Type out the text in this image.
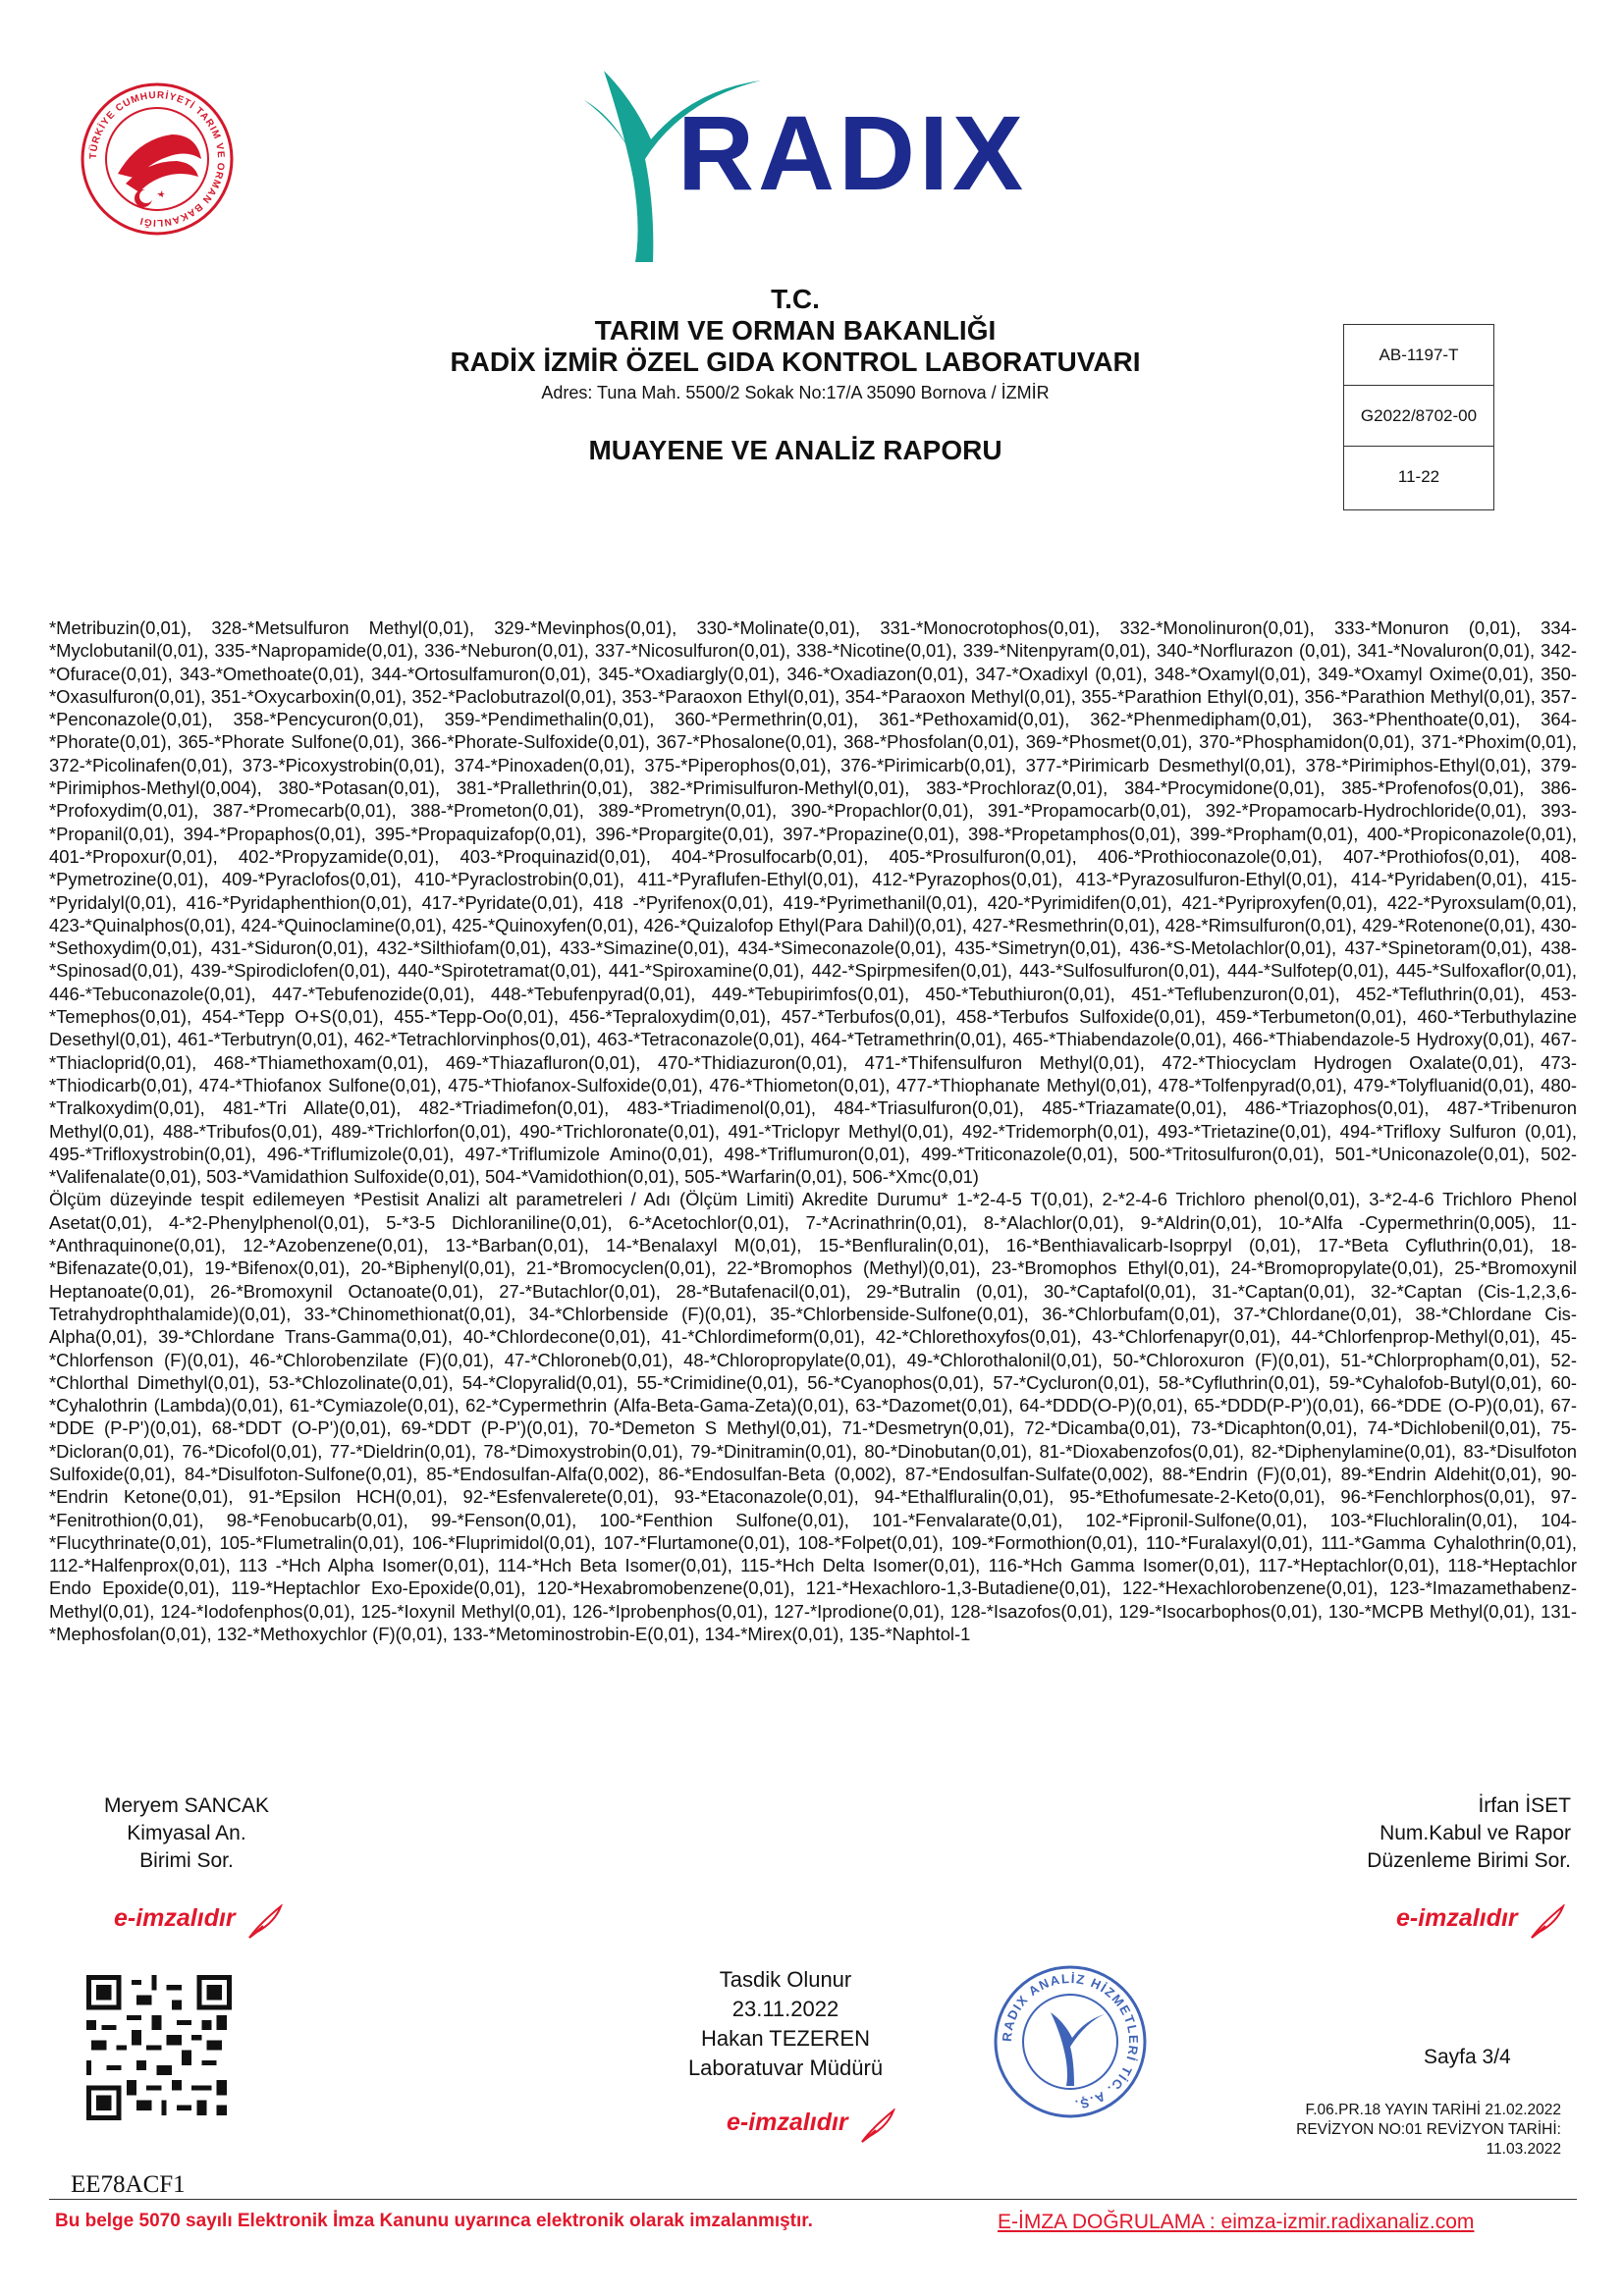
TÜRKİYE CUMHURİYETİ TARIM VE ORMAN BAKANLIĞI
RADIX
T.C.
TARIM VE ORMAN BAKANLIĞI
RADİX İZMİR ÖZEL GIDA KONTROL LABORATUVARI
Adres: Tuna Mah. 5500/2 Sokak No:17/A 35090 Bornova / İZMİR
MUAYENE VE ANALİZ RAPORU
AB-1197-T
G2022/8702-00
11-22

*Metribuzin(0,01), 328-*Metsulfuron Methyl(0,01), 329-*Mevinphos(0,01), 330-*Molinate(0,01), 331-*Monocrotophos(0,01), 332-*Monolinuron(0,01), 333-*Monuron (0,01), 334-*Myclobutanil(0,01), 335-*Napropamide(0,01), 336-*Neburon(0,01), 337-*Nicosulfuron(0,01), 338-*Nicotine(0,01), 339-*Nitenpyram(0,01), 340-*Norflurazon (0,01), 341-*Novaluron(0,01), 342-*Ofurace(0,01), 343-*Omethoate(0,01), 344-*Ortosulfamuron(0,01), 345-*Oxadiargly(0,01), 346-*Oxadiazon(0,01), 347-*Oxadixyl (0,01), 348-*Oxamyl(0,01), 349-*Oxamyl Oxime(0,01), 350-*Oxasulfuron(0,01), 351-*Oxycarboxin(0,01), 352-*Paclobutrazol(0,01), 353-*Paraoxon Ethyl(0,01), 354-*Paraoxon Methyl(0,01), 355-*Parathion Ethyl(0,01), 356-*Parathion Methyl(0,01), 357-*Penconazole(0,01), 358-*Pencycuron(0,01), 359-*Pendimethalin(0,01), 360-*Permethrin(0,01), 361-*Pethoxamid(0,01), 362-*Phenmedipham(0,01), 363-*Phenthoate(0,01), 364-*Phorate(0,01), 365-*Phorate Sulfone(0,01), 366-*Phorate-Sulfoxide(0,01), 367-*Phosalone(0,01), 368-*Phosfolan(0,01), 369-*Phosmet(0,01), 370-*Phosphamidon(0,01), 371-*Phoxim(0,01), 372-*Picolinafen(0,01), 373-*Picoxystrobin(0,01), 374-*Pinoxaden(0,01), 375-*Piperophos(0,01), 376-*Pirimicarb(0,01), 377-*Pirimicarb Desmethyl(0,01), 378-*Pirimiphos-Ethyl(0,01), 379-*Pirimiphos-Methyl(0,004), 380-*Potasan(0,01), 381-*Prallethrin(0,01), 382-*Primisulfuron-Methyl(0,01), 383-*Prochloraz(0,01), 384-*Procymidone(0,01), 385-*Profenofos(0,01), 386-*Profoxydim(0,01), 387-*Promecarb(0,01), 388-*Prometon(0,01), 389-*Prometryn(0,01), 390-*Propachlor(0,01), 391-*Propamocarb(0,01), 392-*Propamocarb-Hydrochloride(0,01), 393-*Propanil(0,01), 394-*Propaphos(0,01), 395-*Propaquizafop(0,01), 396-*Propargite(0,01), 397-*Propazine(0,01), 398-*Propetamphos(0,01), 399-*Propham(0,01), 400-*Propiconazole(0,01), 401-*Propoxur(0,01), 402-*Propyzamide(0,01), 403-*Proquinazid(0,01), 404-*Prosulfocarb(0,01), 405-*Prosulfuron(0,01), 406-*Prothioconazole(0,01), 407-*Prothiofos(0,01), 408-*Pymetrozine(0,01), 409-*Pyraclofos(0,01), 410-*Pyraclostrobin(0,01), 411-*Pyraflufen-Ethyl(0,01), 412-*Pyrazophos(0,01), 413-*Pyrazosulfuron-Ethyl(0,01), 414-*Pyridaben(0,01), 415-*Pyridalyl(0,01), 416-*Pyridaphenthion(0,01), 417-*Pyridate(0,01), 418 -*Pyrifenox(0,01), 419-*Pyrimethanil(0,01), 420-*Pyrimidifen(0,01), 421-*Pyriproxyfen(0,01), 422-*Pyroxsulam(0,01), 423-*Quinalphos(0,01), 424-*Quinoclamine(0,01), 425-*Quinoxyfen(0,01), 426-*Quizalofop Ethyl(Para Dahil)(0,01), 427-*Resmethrin(0,01), 428-*Rimsulfuron(0,01), 429-*Rotenone(0,01), 430-*Sethoxydim(0,01), 431-*Siduron(0,01), 432-*Silthiofam(0,01), 433-*Simazine(0,01), 434-*Simeconazole(0,01), 435-*Simetryn(0,01), 436-*S-Metolachlor(0,01), 437-*Spinetoram(0,01), 438-*Spinosad(0,01), 439-*Spirodiclofen(0,01), 440-*Spirotetramat(0,01), 441-*Spiroxamine(0,01), 442-*Spirpmesifen(0,01), 443-*Sulfosulfuron(0,01), 444-*Sulfotep(0,01), 445-*Sulfoxaflor(0,01), 446-*Tebuconazole(0,01), 447-*Tebufenozide(0,01), 448-*Tebufenpyrad(0,01), 449-*Tebupirimfos(0,01), 450-*Tebuthiuron(0,01), 451-*Teflubenzuron(0,01), 452-*Tefluthrin(0,01), 453-*Temephos(0,01), 454-*Tepp O+S(0,01), 455-*Tepp-Oo(0,01), 456-*Tepraloxydim(0,01), 457-*Terbufos(0,01), 458-*Terbufos Sulfoxide(0,01), 459-*Terbumeton(0,01), 460-*Terbuthylazine Desethyl(0,01), 461-*Terbutryn(0,01), 462-*Tetrachlorvinphos(0,01), 463-*Tetraconazole(0,01), 464-*Tetramethrin(0,01), 465-*Thiabendazole(0,01), 466-*Thiabendazole-5 Hydroxy(0,01), 467-*Thiacloprid(0,01), 468-*Thiamethoxam(0,01), 469-*Thiazafluron(0,01), 470-*Thidiazuron(0,01), 471-*Thifensulfuron Methyl(0,01), 472-*Thiocyclam Hydrogen Oxalate(0,01), 473-*Thiodicarb(0,01), 474-*Thiofanox Sulfone(0,01), 475-*Thiofanox-Sulfoxide(0,01), 476-*Thiometon(0,01), 477-*Thiophanate Methyl(0,01), 478-*Tolfenpyrad(0,01), 479-*Tolyfluanid(0,01), 480-*Tralkoxydim(0,01), 481-*Tri Allate(0,01), 482-*Triadimefon(0,01), 483-*Triadimenol(0,01), 484-*Triasulfuron(0,01), 485-*Triazamate(0,01), 486-*Triazophos(0,01), 487-*Tribenuron Methyl(0,01), 488-*Tribufos(0,01), 489-*Trichlorfon(0,01), 490-*Trichloronate(0,01), 491-*Triclopyr Methyl(0,01), 492-*Tridemorph(0,01), 493-*Trietazine(0,01), 494-*Trifloxy Sulfuron (0,01), 495-*Trifloxystrobin(0,01), 496-*Triflumizole(0,01), 497-*Triflumizole Amino(0,01), 498-*Triflumuron(0,01), 499-*Triticonazole(0,01), 500-*Tritosulfuron(0,01), 501-*Uniconazole(0,01), 502-*Valifenalate(0,01), 503-*Vamidathion Sulfoxide(0,01), 504-*Vamidothion(0,01), 505-*Warfarin(0,01), 506-*Xmc(0,01)

Ölçüm düzeyinde tespit edilemeyen *Pestisit Analizi alt parametreleri / Adı (Ölçüm Limiti) Akredite Durumu* 1-*2-4-5 T(0,01), 2-*2-4-6 Trichloro phenol(0,01), 3-*2-4-6 Trichloro Phenol Asetat(0,01), 4-*2-Phenylphenol(0,01), 5-*3-5 Dichloraniline(0,01), 6-*Acetochlor(0,01), 7-*Acrinathrin(0,01), 8-*Alachlor(0,01), 9-*Aldrin(0,01), 10-*Alfa -Cypermethrin(0,005), 11-*Anthraquinone(0,01), 12-*Azobenzene(0,01), 13-*Barban(0,01), 14-*Benalaxyl M(0,01), 15-*Benfluralin(0,01), 16-*Benthiavalicarb-Isoprpyl (0,01), 17-*Beta Cyfluthrin(0,01), 18-*Bifenazate(0,01), 19-*Bifenox(0,01), 20-*Biphenyl(0,01), 21-*Bromocyclen(0,01), 22-*Bromophos (Methyl)(0,01), 23-*Bromophos Ethyl(0,01), 24-*Bromopropylate(0,01), 25-*Bromoxynil Heptanoate(0,01), 26-*Bromoxynil Octanoate(0,01), 27-*Butachlor(0,01), 28-*Butafenacil(0,01), 29-*Butralin (0,01), 30-*Captafol(0,01), 31-*Captan(0,01), 32-*Captan (Cis-1,2,3,6-Tetrahydrophthalamide)(0,01), 33-*Chinomethionat(0,01), 34-*Chlorbenside (F)(0,01), 35-*Chlorbenside-Sulfone(0,01), 36-*Chlorbufam(0,01), 37-*Chlordane(0,01), 38-*Chlordane Cis-Alpha(0,01), 39-*Chlordane Trans-Gamma(0,01), 40-*Chlordecone(0,01), 41-*Chlordimeform(0,01), 42-*Chlorethoxyfos(0,01), 43-*Chlorfenapyr(0,01), 44-*Chlorfenprop-Methyl(0,01), 45-*Chlorfenson (F)(0,01), 46-*Chlorobenzilate (F)(0,01), 47-*Chloroneb(0,01), 48-*Chloropropylate(0,01), 49-*Chlorothalonil(0,01), 50-*Chloroxuron (F)(0,01), 51-*Chlorpropham(0,01), 52-*Chlorthal Dimethyl(0,01), 53-*Chlozolinate(0,01), 54-*Clopyralid(0,01), 55-*Crimidine(0,01), 56-*Cyanophos(0,01), 57-*Cycluron(0,01), 58-*Cyfluthrin(0,01), 59-*Cyhalofob-Butyl(0,01), 60-*Cyhalothrin (Lambda)(0,01), 61-*Cymiazole(0,01), 62-*Cypermethrin (Alfa-Beta-Gama-Zeta)(0,01), 63-*Dazomet(0,01), 64-*DDD(O-P)(0,01), 65-*DDD(P-P')(0,01), 66-*DDE (O-P)(0,01), 67-*DDE (P-P')(0,01), 68-*DDT (O-P')(0,01), 69-*DDT (P-P')(0,01), 70-*Demeton S Methyl(0,01), 71-*Desmetryn(0,01), 72-*Dicamba(0,01), 73-*Dicaphton(0,01), 74-*Dichlobenil(0,01), 75-*Dicloran(0,01), 76-*Dicofol(0,01), 77-*Dieldrin(0,01), 78-*Dimoxystrobin(0,01), 79-*Dinitramin(0,01), 80-*Dinobutan(0,01), 81-*Dioxabenzofos(0,01), 82-*Diphenylamine(0,01), 83-*Disulfoton Sulfoxide(0,01), 84-*Disulfoton-Sulfone(0,01), 85-*Endosulfan-Alfa(0,002), 86-*Endosulfan-Beta (0,002), 87-*Endosulfan-Sulfate(0,002), 88-*Endrin (F)(0,01), 89-*Endrin Aldehit(0,01), 90-*Endrin Ketone(0,01), 91-*Epsilon HCH(0,01), 92-*Esfenvalerete(0,01), 93-*Etaconazole(0,01), 94-*Ethalfluralin(0,01), 95-*Ethofumesate-2-Keto(0,01), 96-*Fenchlorphos(0,01), 97-*Fenitrothion(0,01), 98-*Fenobucarb(0,01), 99-*Fenson(0,01), 100-*Fenthion Sulfone(0,01), 101-*Fenvalarate(0,01), 102-*Fipronil-Sulfone(0,01), 103-*Fluchloralin(0,01), 104-*Flucythrinate(0,01), 105-*Flumetralin(0,01), 106-*Fluprimidol(0,01), 107-*Flurtamone(0,01), 108-*Folpet(0,01), 109-*Formothion(0,01), 110-*Furalaxyl(0,01), 111-*Gamma Cyhalothrin(0,01), 112-*Halfenprox(0,01), 113 -*Hch Alpha Isomer(0,01), 114-*Hch Beta Isomer(0,01), 115-*Hch Delta Isomer(0,01), 116-*Hch Gamma Isomer(0,01), 117-*Heptachlor(0,01), 118-*Heptachlor Endo Epoxide(0,01), 119-*Heptachlor Exo-Epoxide(0,01), 120-*Hexabromobenzene(0,01), 121-*Hexachloro-1,3-Butadiene(0,01), 122-*Hexachlorobenzene(0,01), 123-*Imazamethabenz-Methyl(0,01), 124-*Iodofenphos(0,01), 125-*Ioxynil Methyl(0,01), 126-*Iprobenphos(0,01), 127-*Iprodione(0,01), 128-*Isazofos(0,01), 129-*Isocarbophos(0,01), 130-*MCPB Methyl(0,01), 131-*Mephosfolan(0,01), 132-*Methoxychlor (F)(0,01), 133-*Metominostrobin-E(0,01), 134-*Mirex(0,01), 135-*Naphtol-1

Meryem SANCAK
Kimyasal An.
Birimi Sor.
İrfan İSET
Num.Kabul ve Rapor
Düzenleme Birimi Sor.
e-imzalıdır	e-imzalıdır
Tasdik Olunur
23.11.2022
Hakan TEZEREN
Laboratuvar Müdürü
e-imzalıdır
RADIX ANALİZ HİZMETLERİ TİC. A.Ş.
Sayfa 3/4
F.06.PR.18 YAYIN TARİHİ 21.02.2022
REVİZYON NO:01 REVİZYON TARİHİ:
11.03.2022
EE78ACF1
Bu belge 5070 sayılı Elektronik İmza Kanunu uyarınca elektronik olarak imzalanmıştır.	E-İMZA DOĞRULAMA : eimza-izmir.radixanaliz.com
